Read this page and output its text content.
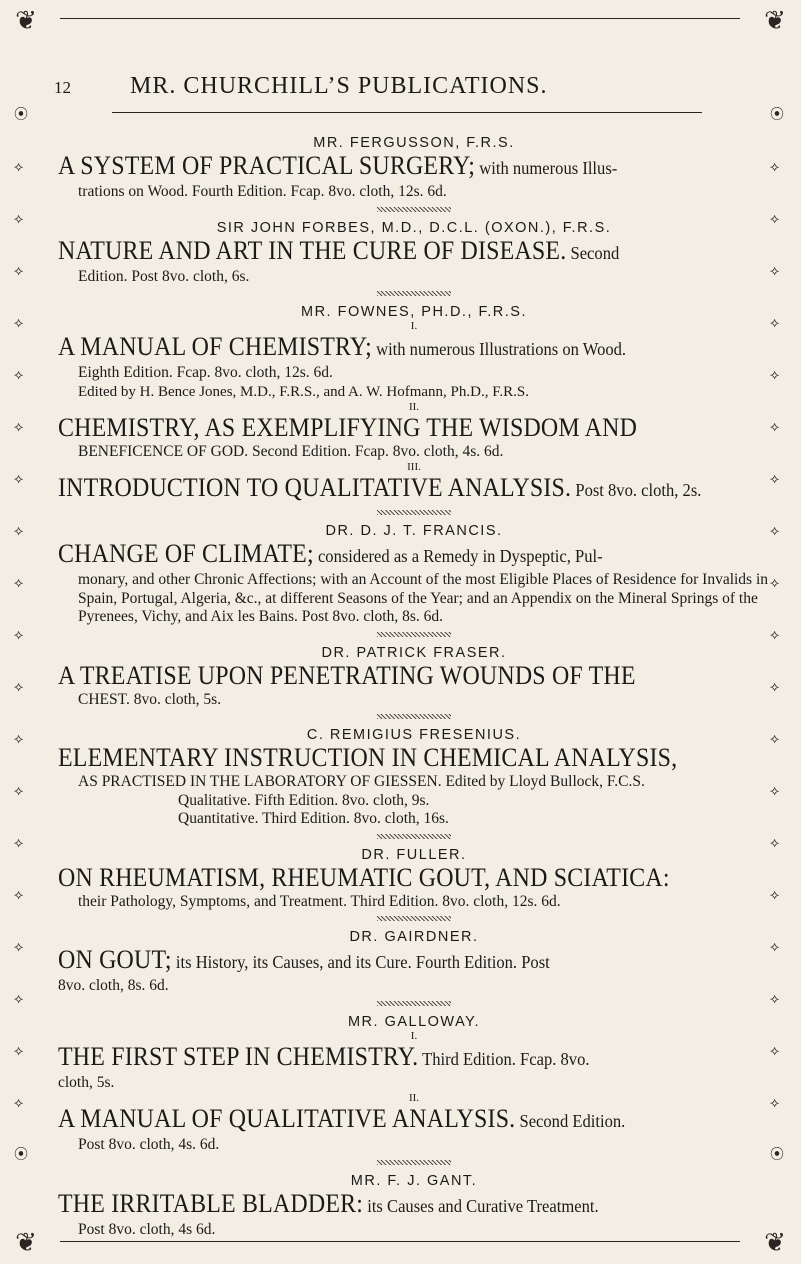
❦	❦
❦	❦
⦿
⟡
⟡
⟡
⟡
⟡
⟡
⟡
⟡
⟡
⟡
⟡
⟡
⟡
⟡
⟡
⟡
⟡
⟡
⟡
⦿
⦿
⟡
⟡
⟡
⟡
⟡
⟡
⟡
⟡
⟡
⟡
⟡
⟡
⟡
⟡
⟡
⟡
⟡
⟡
⟡
⦿
12 MR. CHURCHILL’S PUBLICATIONS.

MR. FERGUSSON, F.R.S.

A SYSTEM OF PRACTICAL SURGERY; with numerous Illus-

trations on Wood. Fourth Edition. Fcap. 8vo. cloth, 12s. 6d.

SIR JOHN FORBES, M.D., D.C.L. (OXON.), F.R.S.

NATURE AND ART IN THE CURE OF DISEASE. Second

Edition. Post 8vo. cloth, 6s.

MR. FOWNES, PH.D., F.R.S.

I.

A MANUAL OF CHEMISTRY; with numerous Illustrations on Wood.

Eighth Edition. Fcap. 8vo. cloth, 12s. 6d.

Edited by H. Bence Jones, M.D., F.R.S., and A. W. Hofmann, Ph.D., F.R.S.

II.

CHEMISTRY, AS EXEMPLIFYING THE WISDOM AND

BENEFICENCE OF GOD. Second Edition. Fcap. 8vo. cloth, 4s. 6d.

III.

INTRODUCTION TO QUALITATIVE ANALYSIS. Post 8vo. cloth, 2s.

DR. D. J. T. FRANCIS.

CHANGE OF CLIMATE; considered as a Remedy in Dyspeptic, Pul-

monary, and other Chronic Affections; with an Account of the most Eligible Places of Residence for Invalids in Spain, Portugal, Algeria, &c., at different Seasons of the Year; and an Appendix on the Mineral Springs of the Pyrenees, Vichy, and Aix les Bains. Post 8vo. cloth, 8s. 6d.

DR. PATRICK FRASER.

A TREATISE UPON PENETRATING WOUNDS OF THE

CHEST. 8vo. cloth, 5s.

C. REMIGIUS FRESENIUS.

ELEMENTARY INSTRUCTION IN CHEMICAL ANALYSIS,

AS PRACTISED IN THE LABORATORY OF GIESSEN. Edited by Lloyd Bullock, F.C.S.

Qualitative. Fifth Edition. 8vo. cloth, 9s.

Quantitative. Third Edition. 8vo. cloth, 16s.

DR. FULLER.

ON RHEUMATISM, RHEUMATIC GOUT, AND SCIATICA:

their Pathology, Symptoms, and Treatment. Third Edition. 8vo. cloth, 12s. 6d.

DR. GAIRDNER.

ON GOUT; its History, its Causes, and its Cure. Fourth Edition. Post

8vo. cloth, 8s. 6d.

MR. GALLOWAY.

I.

THE FIRST STEP IN CHEMISTRY. Third Edition. Fcap. 8vo.

cloth, 5s.

II.

A MANUAL OF QUALITATIVE ANALYSIS. Second Edition.

Post 8vo. cloth, 4s. 6d.

MR. F. J. GANT.

THE IRRITABLE BLADDER: its Causes and Curative Treatment.

Post 8vo. cloth, 4s 6d.
